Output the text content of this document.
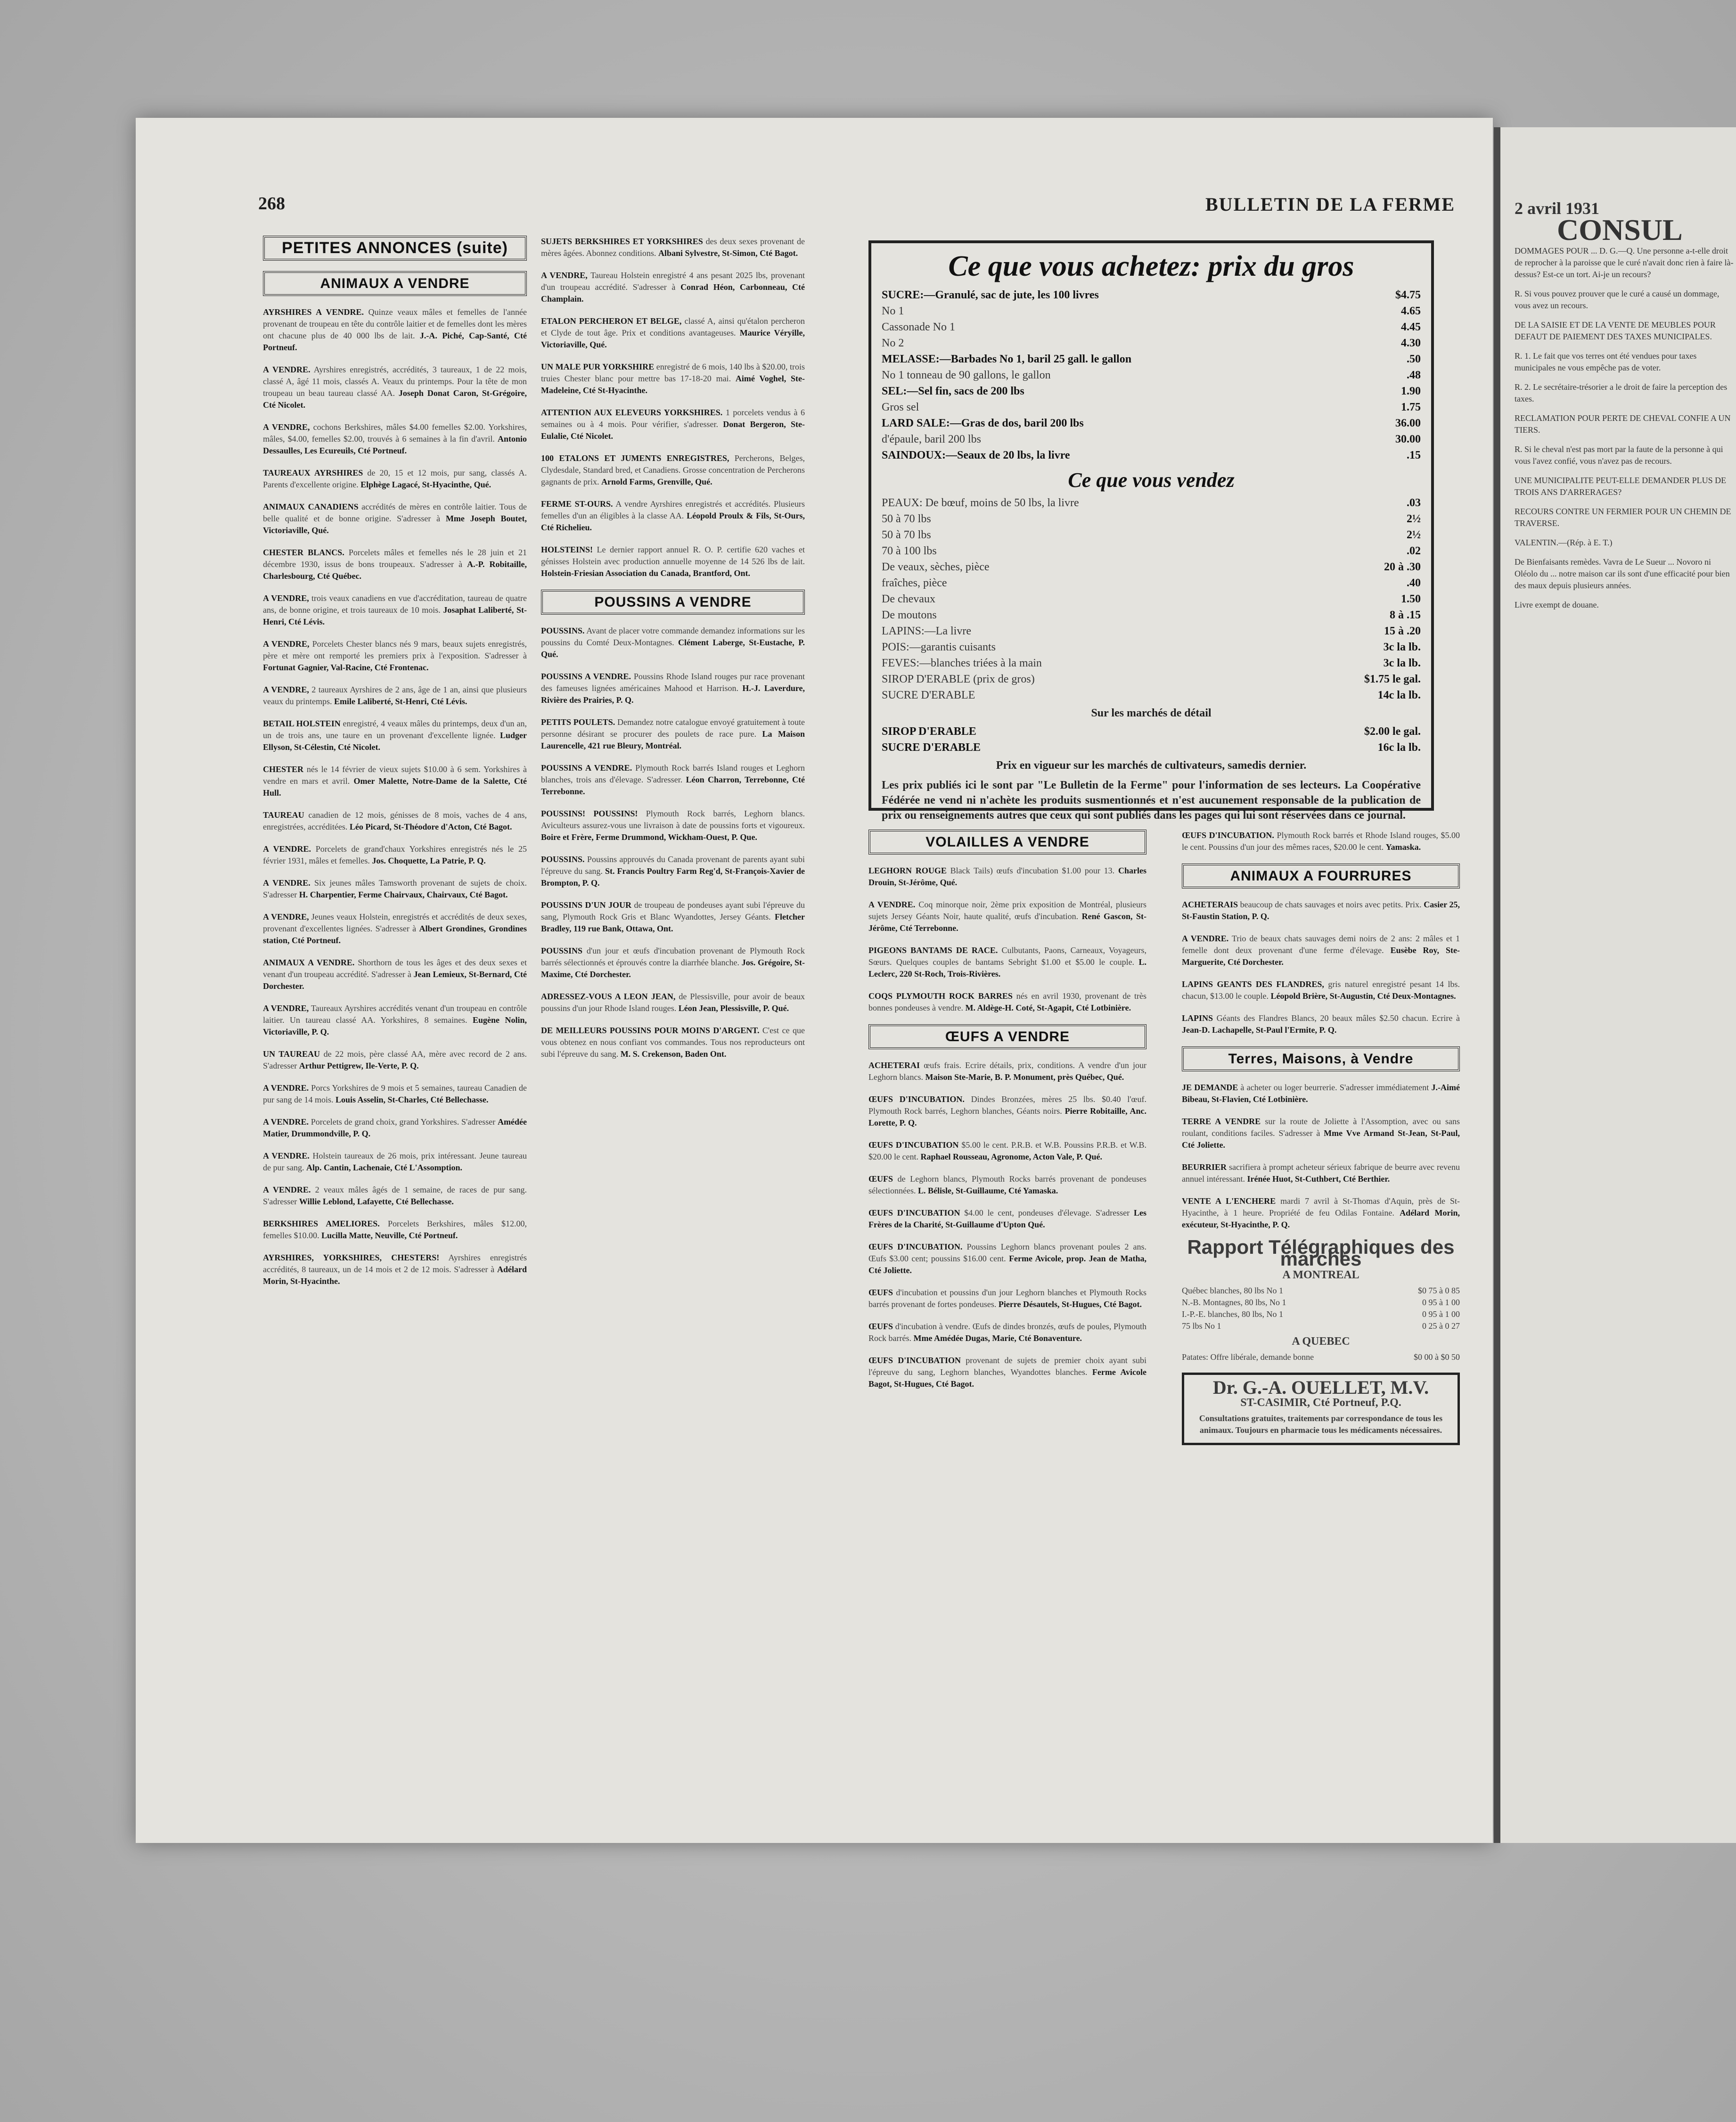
268	BULLETIN DE LA FERME
PETITES ANNONCES (suite)
ANIMAUX A VENDRE

AYRSHIRES A VENDRE. Quinze veaux mâles et femelles de l'année provenant de troupeau en tête du contrôle laitier et de femelles dont les mères ont chacune plus de 40 000 lbs de lait. J.-A. Piché, Cap-Santé, Cté Portneuf.

A VENDRE. Ayrshires enregistrés, accrédités, 3 taureaux, 1 de 22 mois, classé A, âgé 11 mois, classés A. Veaux du printemps. Pour la tête de mon troupeau un beau taureau classé AA. Joseph Donat Caron, St-Grégoire, Cté Nicolet.

A VENDRE, cochons Berkshires, mâles $4.00 femelles $2.00. Yorkshires, mâles, $4.00, femelles $2.00, trouvés à 6 semaines à la fin d'avril. Antonio Dessaulles, Les Ecureuils, Cté Portneuf.

TAUREAUX AYRSHIRES de 20, 15 et 12 mois, pur sang, classés A. Parents d'excellente origine. Elphège Lagacé, St-Hyacinthe, Qué.

ANIMAUX CANADIENS accrédités de mères en contrôle laitier. Tous de belle qualité et de bonne origine. S'adresser à Mme Joseph Boutet, Victoriaville, Qué.

CHESTER BLANCS. Porcelets mâles et femelles nés le 28 juin et 21 décembre 1930, issus de bons troupeaux. S'adresser à A.-P. Robitaille, Charlesbourg, Cté Québec.

A VENDRE, trois veaux canadiens en vue d'accréditation, taureau de quatre ans, de bonne origine, et trois taureaux de 10 mois. Josaphat Laliberté, St-Henri, Cté Lévis.

A VENDRE, Porcelets Chester blancs nés 9 mars, beaux sujets enregistrés, père et mère ont remporté les premiers prix à l'exposition. S'adresser à Fortunat Gagnier, Val-Racine, Cté Frontenac.

A VENDRE, 2 taureaux Ayrshires de 2 ans, âge de 1 an, ainsi que plusieurs veaux du printemps. Emile Laliberté, St-Henri, Cté Lévis.

BETAIL HOLSTEIN enregistré, 4 veaux mâles du printemps, deux d'un an, un de trois ans, une taure en un provenant d'excellente lignée. Ludger Ellyson, St-Célestin, Cté Nicolet.

CHESTER nés le 14 février de vieux sujets $10.00 à 6 sem. Yorkshires à vendre en mars et avril. Omer Malette, Notre-Dame de la Salette, Cté Hull.

TAUREAU canadien de 12 mois, génisses de 8 mois, vaches de 4 ans, enregistrées, accréditées. Léo Picard, St-Théodore d'Acton, Cté Bagot.

A VENDRE. Porcelets de grand'chaux Yorkshires enregistrés nés le 25 février 1931, mâles et femelles. Jos. Choquette, La Patrie, P. Q.

A VENDRE. Six jeunes mâles Tamsworth provenant de sujets de choix. S'adresser H. Charpentier, Ferme Chairvaux, Chairvaux, Cté Bagot.

A VENDRE, Jeunes veaux Holstein, enregistrés et accrédités de deux sexes, provenant d'excellentes lignées. S'adresser à Albert Grondines, Grondines station, Cté Portneuf.

ANIMAUX A VENDRE. Shorthorn de tous les âges et des deux sexes et venant d'un troupeau accrédité. S'adresser à Jean Lemieux, St-Bernard, Cté Dorchester.

A VENDRE, Taureaux Ayrshires accrédités venant d'un troupeau en contrôle laitier. Un taureau classé AA. Yorkshires, 8 semaines. Eugène Nolin, Victoriaville, P. Q.

UN TAUREAU de 22 mois, père classé AA, mère avec record de 2 ans. S'adresser Arthur Pettigrew, Ile-Verte, P. Q.

A VENDRE. Porcs Yorkshires de 9 mois et 5 semaines, taureau Canadien de pur sang de 14 mois. Louis Asselin, St-Charles, Cté Bellechasse.

A VENDRE. Porcelets de grand choix, grand Yorkshires. S'adresser Amédée Matier, Drummondville, P. Q.

A VENDRE. Holstein taureaux de 26 mois, prix intéressant. Jeune taureau de pur sang. Alp. Cantin, Lachenaie, Cté L'Assomption.

A VENDRE. 2 veaux mâles âgés de 1 semaine, de races de pur sang. S'adresser Willie Leblond, Lafayette, Cté Bellechasse.

BERKSHIRES AMELIORES. Porcelets Berkshires, mâles $12.00, femelles $10.00. Lucilla Matte, Neuville, Cté Portneuf.

AYRSHIRES, YORKSHIRES, CHESTERS! Ayrshires enregistrés accrédités, 8 taureaux, un de 14 mois et 2 de 12 mois. S'adresser à Adélard Morin, St-Hyacinthe.

SUJETS BERKSHIRES ET YORKSHIRES des deux sexes provenant de mères âgées. Abonnez conditions. Albani Sylvestre, St-Simon, Cté Bagot.

A VENDRE, Taureau Holstein enregistré 4 ans pesant 2025 lbs, provenant d'un troupeau accrédité. S'adresser à Conrad Héon, Carbonneau, Cté Champlain.

ETALON PERCHERON ET BELGE, classé A, ainsi qu'étalon percheron et Clyde de tout âge. Prix et conditions avantageuses. Maurice Véryille, Victoriaville, Qué.

UN MALE PUR YORKSHIRE enregistré de 6 mois, 140 lbs à $20.00, trois truies Chester blanc pour mettre bas 17-18-20 mai. Aimé Voghel, Ste-Madeleine, Cté St-Hyacinthe.

ATTENTION AUX ELEVEURS YORKSHIRES. 1 porcelets vendus à 6 semaines ou à 4 mois. Pour vérifier, s'adresser. Donat Bergeron, Ste-Eulalie, Cté Nicolet.

100 ETALONS ET JUMENTS ENREGISTRES, Percherons, Belges, Clydesdale, Standard bred, et Canadiens. Grosse concentration de Percherons gagnants de prix. Arnold Farms, Grenville, Qué.

FERME ST-OURS. A vendre Ayrshires enregistrés et accrédités. Plusieurs femelles d'un an éligibles à la classe AA. Léopold Proulx & Fils, St-Ours, Cté Richelieu.

HOLSTEINS! Le dernier rapport annuel R. O. P. certifie 620 vaches et génisses Holstein avec production annuelle moyenne de 14 526 lbs de lait. Holstein-Friesian Association du Canada, Brantford, Ont.

POUSSINS A VENDRE

POUSSINS. Avant de placer votre commande demandez informations sur les poussins du Comté Deux-Montagnes. Clément Laberge, St-Eustache, P. Qué.

POUSSINS A VENDRE. Poussins Rhode Island rouges pur race provenant des fameuses lignées américaines Mahood et Harrison. H.-J. Laverdure, Rivière des Prairies, P. Q.

PETITS POULETS. Demandez notre catalogue envoyé gratuitement à toute personne désirant se procurer des poulets de race pure. La Maison Laurencelle, 421 rue Bleury, Montréal.

POUSSINS A VENDRE. Plymouth Rock barrés Island rouges et Leghorn blanches, trois ans d'élevage. S'adresser. Léon Charron, Terrebonne, Cté Terrebonne.

POUSSINS! POUSSINS! Plymouth Rock barrés, Leghorn blancs. Aviculteurs assurez-vous une livraison à date de poussins forts et vigoureux. Boire et Frère, Ferme Drummond, Wickham-Ouest, P. Que.

POUSSINS. Poussins approuvés du Canada provenant de parents ayant subi l'épreuve du sang. St. Francis Poultry Farm Reg'd, St-François-Xavier de Brompton, P. Q.

POUSSINS D'UN JOUR de troupeau de pondeuses ayant subi l'épreuve du sang, Plymouth Rock Gris et Blanc Wyandottes, Jersey Géants. Fletcher Bradley, 119 rue Bank, Ottawa, Ont.

POUSSINS d'un jour et œufs d'incubation provenant de Plymouth Rock barrés sélectionnés et éprouvés contre la diarrhée blanche. Jos. Grégoire, St-Maxime, Cté Dorchester.

ADRESSEZ-VOUS A LEON JEAN, de Plessisville, pour avoir de beaux poussins d'un jour Rhode Island rouges. Léon Jean, Plessisville, P. Qué.

DE MEILLEURS POUSSINS POUR MOINS D'ARGENT. C'est ce que vous obtenez en nous confiant vos commandes. Tous nos reproducteurs ont subi l'épreuve du sang. M. S. Crekenson, Baden Ont.

Ce que vous achetez: prix du gros
SUCRE:—Granulé, sac de jute, les 100 livres	$4.75
No 1	4.65
Cassonade No 1	4.45
No 2	4.30
MELASSE:—Barbades No 1, baril 25 gall. le gallon	.50
No 1 tonneau de 90 gallons, le gallon	.48
SEL:—Sel fin, sacs de 200 lbs	1.90
Gros sel	1.75
LARD SALE:—Gras de dos, baril 200 lbs	36.00
d'épaule, baril 200 lbs	30.00
SAINDOUX:—Seaux de 20 lbs, la livre	.15
Ce que vous vendez
PEAUX: De bœuf, moins de 50 lbs, la livre	.03
50 à 70 lbs	2½
50 à 70 lbs	2½
70 à 100 lbs	.02
De veaux, sèches, pièce	20 à .30
fraîches, pièce	.40
De chevaux	1.50
De moutons	8 à .15
LAPINS:—La livre	15 à .20
POIS:—garantis cuisants	3c la lb.
FEVES:—blanches triées à la main	3c la lb.
SIROP D'ERABLE (prix de gros)	$1.75 le gal.
SUCRE D'ERABLE	14c la lb.
Sur les marchés de détail
SIROP D'ERABLE	$2.00 le gal.
SUCRE D'ERABLE	16c la lb.
Prix en vigueur sur les marchés de cultivateurs, samedis dernier.
Les prix publiés ici le sont par "Le Bulletin de la Ferme" pour l'information de ses lecteurs. La Coopérative Fédérée ne vend ni n'achète les produits susmentionnés et n'est aucunement responsable de la publication de prix ou renseignements autres que ceux qui sont publiés dans les pages qui lui sont réservées dans ce journal.
VOLAILLES A VENDRE

LEGHORN ROUGE Black Tails) œufs d'incubation $1.00 pour 13. Charles Drouin, St-Jérôme, Qué.

A VENDRE. Coq minorque noir, 2ème prix exposition de Montréal, plusieurs sujets Jersey Géants Noir, haute qualité, œufs d'incubation. René Gascon, St-Jérôme, Cté Terrebonne.

PIGEONS BANTAMS DE RACE. Culbutants, Paons, Carneaux, Voyageurs, Sœurs. Quelques couples de bantams Sebright $1.00 et $5.00 le couple. L. Leclerc, 220 St-Roch, Trois-Rivières.

COQS PLYMOUTH ROCK BARRES nés en avril 1930, provenant de très bonnes pondeuses à vendre. M. Aldège-H. Coté, St-Agapit, Cté Lotbinière.

ŒUFS A VENDRE

ACHETERAI œufs frais. Ecrire détails, prix, conditions. A vendre d'un jour Leghorn blancs. Maison Ste-Marie, B. P. Monument, près Québec, Qué.

ŒUFS D'INCUBATION. Dindes Bronzées, mères 25 lbs. $0.40 l'œuf. Plymouth Rock barrés, Leghorn blanches, Géants noirs. Pierre Robitaille, Anc. Lorette, P. Q.

ŒUFS D'INCUBATION $5.00 le cent. P.R.B. et W.B. Poussins P.R.B. et W.B. $20.00 le cent. Raphael Rousseau, Agronome, Acton Vale, P. Qué.

ŒUFS de Leghorn blancs, Plymouth Rocks barrés provenant de pondeuses sélectionnées. L. Bélisle, St-Guillaume, Cté Yamaska.

ŒUFS D'INCUBATION $4.00 le cent, pondeuses d'élevage. S'adresser Les Frères de la Charité, St-Guillaume d'Upton Qué.

ŒUFS D'INCUBATION. Poussins Leghorn blancs provenant poules 2 ans. Œufs $3.00 cent; poussins $16.00 cent. Ferme Avicole, prop. Jean de Matha, Cté Joliette.

ŒUFS d'incubation et poussins d'un jour Leghorn blanches et Plymouth Rocks barrés provenant de fortes pondeuses. Pierre Désautels, St-Hugues, Cté Bagot.

ŒUFS d'incubation à vendre. Œufs de dindes bronzés, œufs de poules, Plymouth Rock barrés. Mme Amédée Dugas, Marie, Cté Bonaventure.

ŒUFS D'INCUBATION provenant de sujets de premier choix ayant subi l'épreuve du sang, Leghorn blanches, Wyandottes blanches. Ferme Avicole Bagot, St-Hugues, Cté Bagot.

ŒUFS D'INCUBATION. Plymouth Rock barrés et Rhode Island rouges, $5.00 le cent. Poussins d'un jour des mêmes races, $20.00 le cent. Yamaska.

ANIMAUX A FOURRURES

ACHETERAIS beaucoup de chats sauvages et noirs avec petits. Prix. Casier 25, St-Faustin Station, P. Q.

A VENDRE. Trio de beaux chats sauvages demi noirs de 2 ans: 2 mâles et 1 femelle dont deux provenant d'une ferme d'élevage. Eusèbe Roy, Ste-Marguerite, Cté Dorchester.

LAPINS GEANTS DES FLANDRES, gris naturel enregistré pesant 14 lbs. chacun, $13.00 le couple. Léopold Brière, St-Augustin, Cté Deux-Montagnes.

LAPINS Géants des Flandres Blancs, 20 beaux mâles $2.50 chacun. Ecrire à Jean-D. Lachapelle, St-Paul l'Ermite, P. Q.

Terres, Maisons, à Vendre

JE DEMANDE à acheter ou loger beurrerie. S'adresser immédiatement J.-Aimé Bibeau, St-Flavien, Cté Lotbinière.

TERRE A VENDRE sur la route de Joliette à l'Assomption, avec ou sans roulant, conditions faciles. S'adresser à Mme Vve Armand St-Jean, St-Paul, Cté Joliette.

BEURRIER sacrifiera à prompt acheteur sérieux fabrique de beurre avec revenu annuel intéressant. Irénée Huot, St-Cuthbert, Cté Berthier.

VENTE A L'ENCHERE mardi 7 avril à St-Thomas d'Aquin, près de St-Hyacinthe, à 1 heure. Propriété de feu Odilas Fontaine. Adélard Morin, exécuteur, St-Hyacinthe, P. Q.

Rapport Télégraphiques des marchés
A MONTREAL
Québec blanches, 80 lbs No 1	$0 75 à 0 85
N.-B. Montagnes, 80 lbs, No 1	0 95 à 1 00
I.-P.-E. blanches, 80 lbs, No 1	0 95 à 1 00
75 lbs No 1	0 25 à 0 27
A QUEBEC
Patates: Offre libérale, demande bonne	$0 00 à $0 50
Dr. G.-A. OUELLET, M.V.
ST-CASIMIR, Cté Portneuf, P.Q.
Consultations gratuites, traitements par correspondance de tous les animaux. Toujours en pharmacie tous les médicaments nécessaires.
2 avril 1931
CONSUL

DOMMAGES POUR ... D. G.—Q. Une personne a-t-elle droit de reprocher à la paroisse que le curé n'avait donc rien à faire là-dessus? Est-ce un tort. Ai-je un recours?

R. Si vous pouvez prouver que le curé a causé un dommage, vous avez un recours.

DE LA SAISIE ET DE LA VENTE DE MEUBLES POUR DEFAUT DE PAIEMENT DES TAXES MUNICIPALES.

R. 1. Le fait que vos terres ont été vendues pour taxes municipales ne vous empêche pas de voter.

R. 2. Le secrétaire-trésorier a le droit de faire la perception des taxes.

RECLAMATION POUR PERTE DE CHEVAL CONFIE A UN TIERS.

R. Si le cheval n'est pas mort par la faute de la personne à qui vous l'avez confié, vous n'avez pas de recours.

UNE MUNICIPALITE PEUT-ELLE DEMANDER PLUS DE TROIS ANS D'ARRERAGES?

RECOURS CONTRE UN FERMIER POUR UN CHEMIN DE TRAVERSE.

VALENTIN.—(Rép. à E. T.)

De Bienfaisants remèdes. Vavra de Le Sueur ... Novoro ni Oléolo du ... notre maison car ils sont d'une efficacité pour bien des maux depuis plusieurs années.

Livre exempt de douane.
